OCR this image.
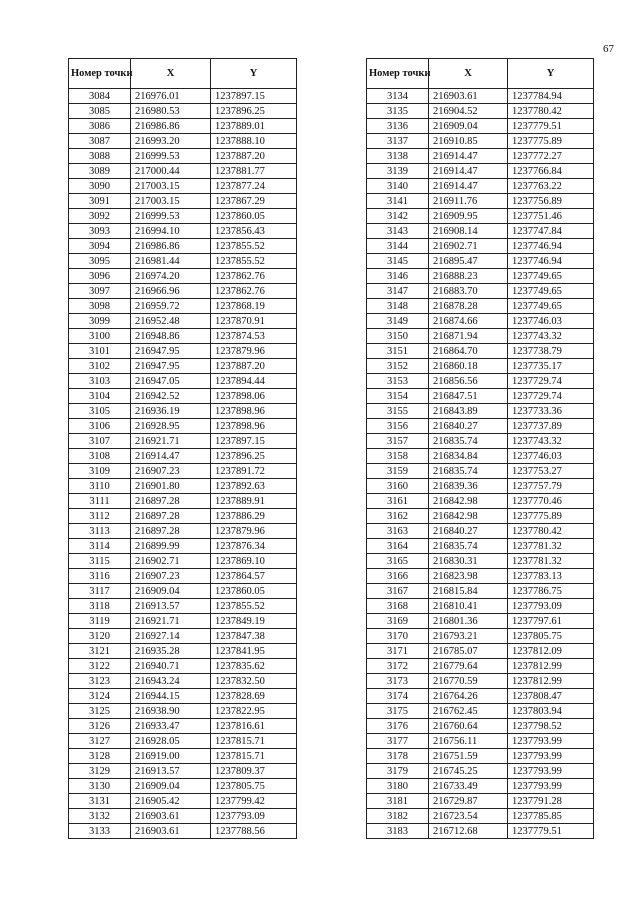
67
Номер точки	X	Y
3084	216976.01	1237897.15
3085	216980.53	1237896.25
3086	216986.86	1237889.01
3087	216993.20	1237888.10
3088	216999.53	1237887.20
3089	217000.44	1237881.77
3090	217003.15	1237877.24
3091	217003.15	1237867.29
3092	216999.53	1237860.05
3093	216994.10	1237856.43
3094	216986.86	1237855.52
3095	216981.44	1237855.52
3096	216974.20	1237862.76
3097	216966.96	1237862.76
3098	216959.72	1237868.19
3099	216952.48	1237870.91
3100	216948.86	1237874.53
3101	216947.95	1237879.96
3102	216947.95	1237887.20
3103	216947.05	1237894.44
3104	216942.52	1237898.06
3105	216936.19	1237898.96
3106	216928.95	1237898.96
3107	216921.71	1237897.15
3108	216914.47	1237896.25
3109	216907.23	1237891.72
3110	216901.80	1237892.63
3111	216897.28	1237889.91
3112	216897.28	1237886.29
3113	216897.28	1237879.96
3114	216899.99	1237876.34
3115	216902.71	1237869.10
3116	216907.23	1237864.57
3117	216909.04	1237860.05
3118	216913.57	1237855.52
3119	216921.71	1237849.19
3120	216927.14	1237847.38
3121	216935.28	1237841.95
3122	216940.71	1237835.62
3123	216943.24	1237832.50
3124	216944.15	1237828.69
3125	216938.90	1237822.95
3126	216933.47	1237816.61
3127	216928.05	1237815.71
3128	216919.00	1237815.71
3129	216913.57	1237809.37
3130	216909.04	1237805.75
3131	216905.42	1237799.42
3132	216903.61	1237793.09
3133	216903.61	1237788.56
Номер точки	X	Y
3134	216903.61	1237784.94
3135	216904.52	1237780.42
3136	216909.04	1237779.51
3137	216910.85	1237775.89
3138	216914.47	1237772.27
3139	216914.47	1237766.84
3140	216914.47	1237763.22
3141	216911.76	1237756.89
3142	216909.95	1237751.46
3143	216908.14	1237747.84
3144	216902.71	1237746.94
3145	216895.47	1237746.94
3146	216888.23	1237749.65
3147	216883.70	1237749.65
3148	216878.28	1237749.65
3149	216874.66	1237746.03
3150	216871.94	1237743.32
3151	216864.70	1237738.79
3152	216860.18	1237735.17
3153	216856.56	1237729.74
3154	216847.51	1237729.74
3155	216843.89	1237733.36
3156	216840.27	1237737.89
3157	216835.74	1237743.32
3158	216834.84	1237746.03
3159	216835.74	1237753.27
3160	216839.36	1237757.79
3161	216842.98	1237770.46
3162	216842.98	1237775.89
3163	216840.27	1237780.42
3164	216835.74	1237781.32
3165	216830.31	1237781.32
3166	216823.98	1237783.13
3167	216815.84	1237786.75
3168	216810.41	1237793.09
3169	216801.36	1237797.61
3170	216793.21	1237805.75
3171	216785.07	1237812.09
3172	216779.64	1237812.99
3173	216770.59	1237812.99
3174	216764.26	1237808.47
3175	216762.45	1237803.94
3176	216760.64	1237798.52
3177	216756.11	1237793.99
3178	216751.59	1237793.99
3179	216745.25	1237793.99
3180	216733.49	1237793.99
3181	216729.87	1237791.28
3182	216723.54	1237785.85
3183	216712.68	1237779.51
